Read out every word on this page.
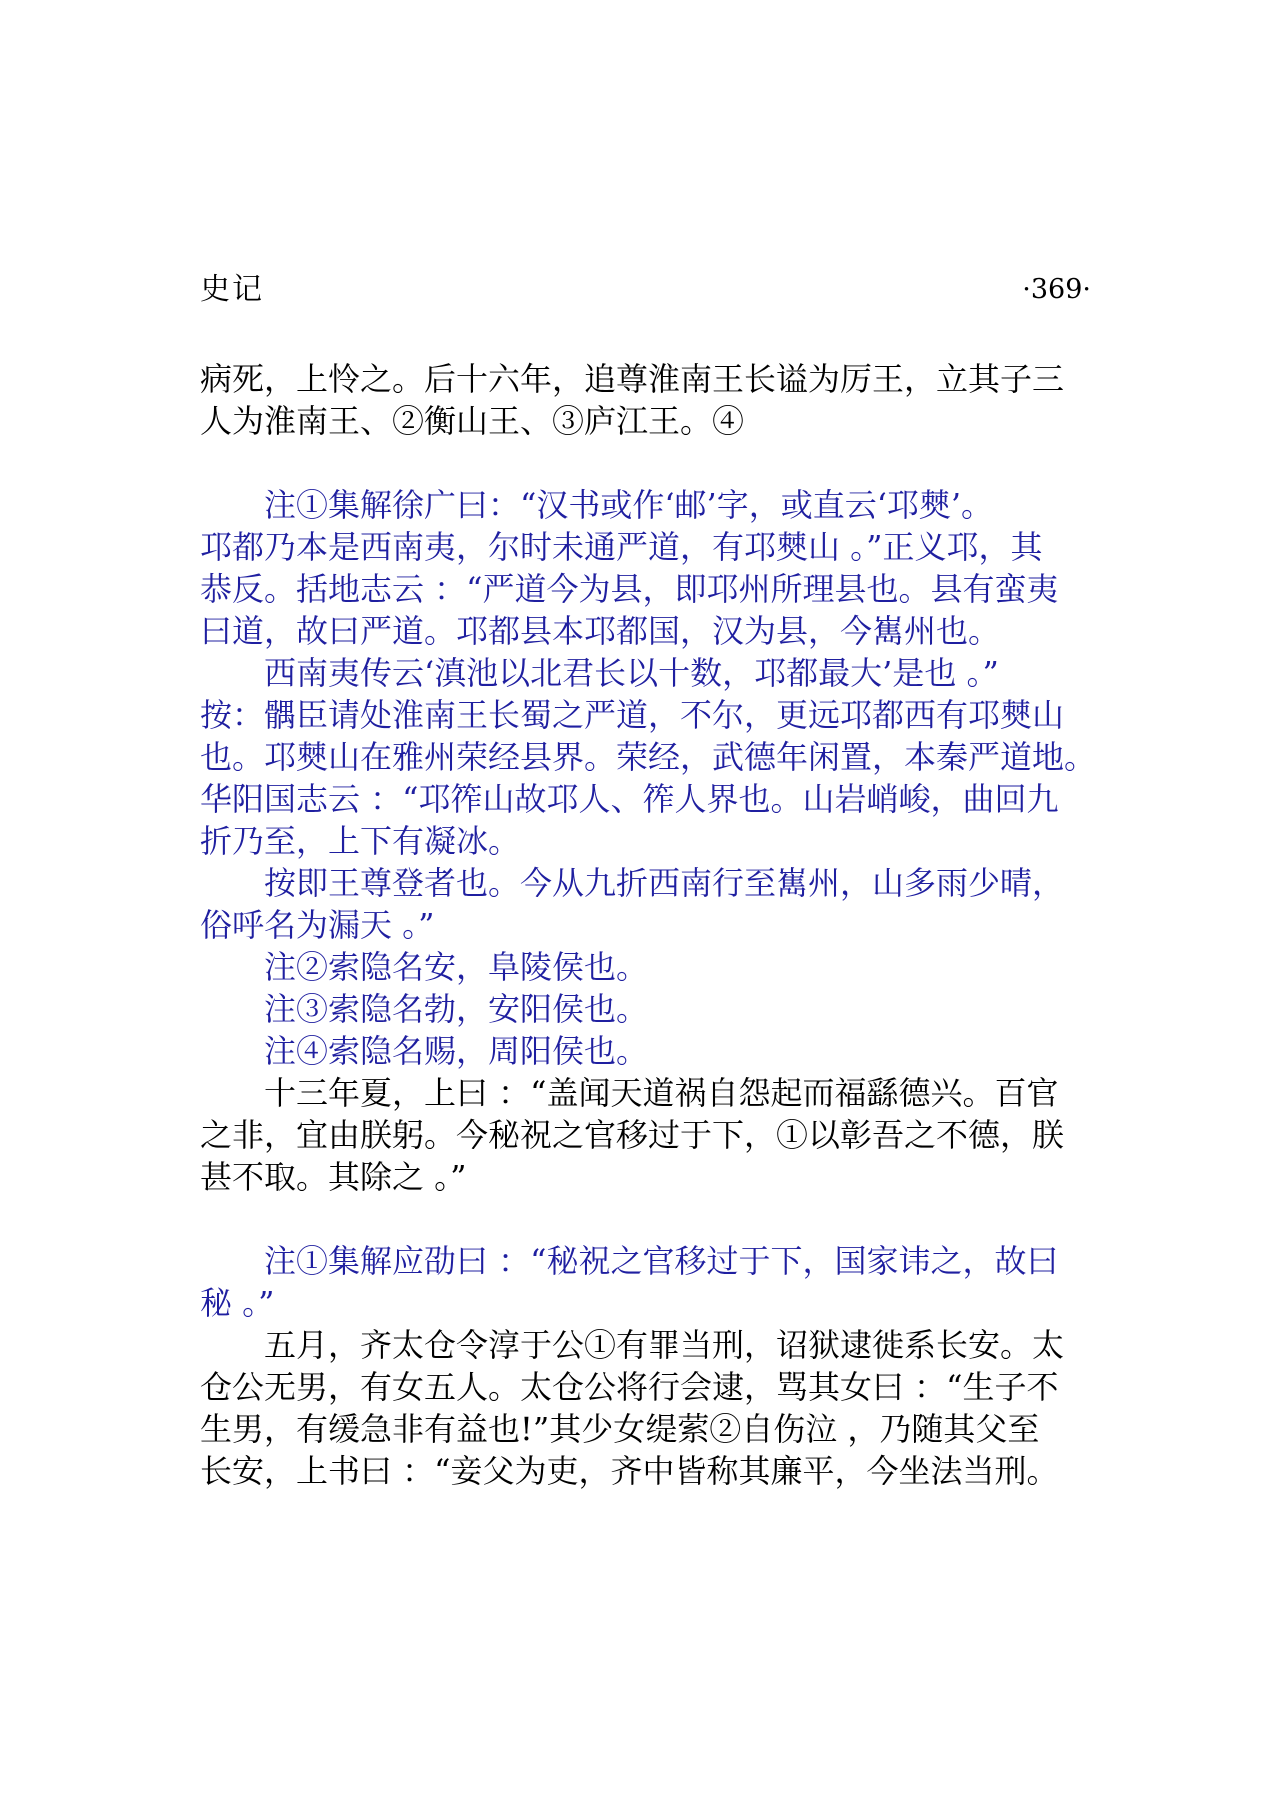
史记	·369·
病死，上怜之。后十六年，追尊淮南王长谥为厉王，立其子三
人为淮南王、②衡山王、③庐江王。④
注①集解徐广曰：“汉书或作‘邮’字，或直云‘邛僰’。
邛都乃本是西南夷，尔时未通严道，有邛僰山 。”正义邛，其
恭反。括地志云 ：“严道今为县，即邛州所理县也。县有蛮夷
曰道，故曰严道。邛都县本邛都国，汉为县，今嶲州也。
西南夷传云‘滇池以北君长以十数，邛都最大’是也 。”
按：髃臣请处淮南王长蜀之严道，不尔，更远邛都西有邛僰山
也。邛僰山在雅州荣经县界。荣经，武德年闲置，本秦严道地。
华阳国志云 ：“邛筰山故邛人、筰人界也。山岩峭峻，曲回九
折乃至，上下有凝冰。
按即王尊登者也。今从九折西南行至嶲州，山多雨少晴，
俗呼名为漏天 。”
注②索隐名安，阜陵侯也。
注③索隐名勃，安阳侯也。
注④索隐名赐，周阳侯也。
十三年夏，上曰 ：“盖闻天道祸自怨起而福繇德兴。百官
之非，宜由朕躬。今秘祝之官移过于下，①以彰吾之不德，朕
甚不取。其除之 。”
注①集解应劭曰 ：“秘祝之官移过于下，国家讳之，故曰
秘 。”
五月，齐太仓令淳于公①有罪当刑，诏狱逮徙系长安。太
仓公无男，有女五人。太仓公将行会逮，骂其女曰 ：“生子不
生男，有缓急非有益也!”其少女缇萦②自伤泣 ，乃随其父至
长安，上书曰 ：“妾父为吏，齐中皆称其廉平，今坐法当刑。
